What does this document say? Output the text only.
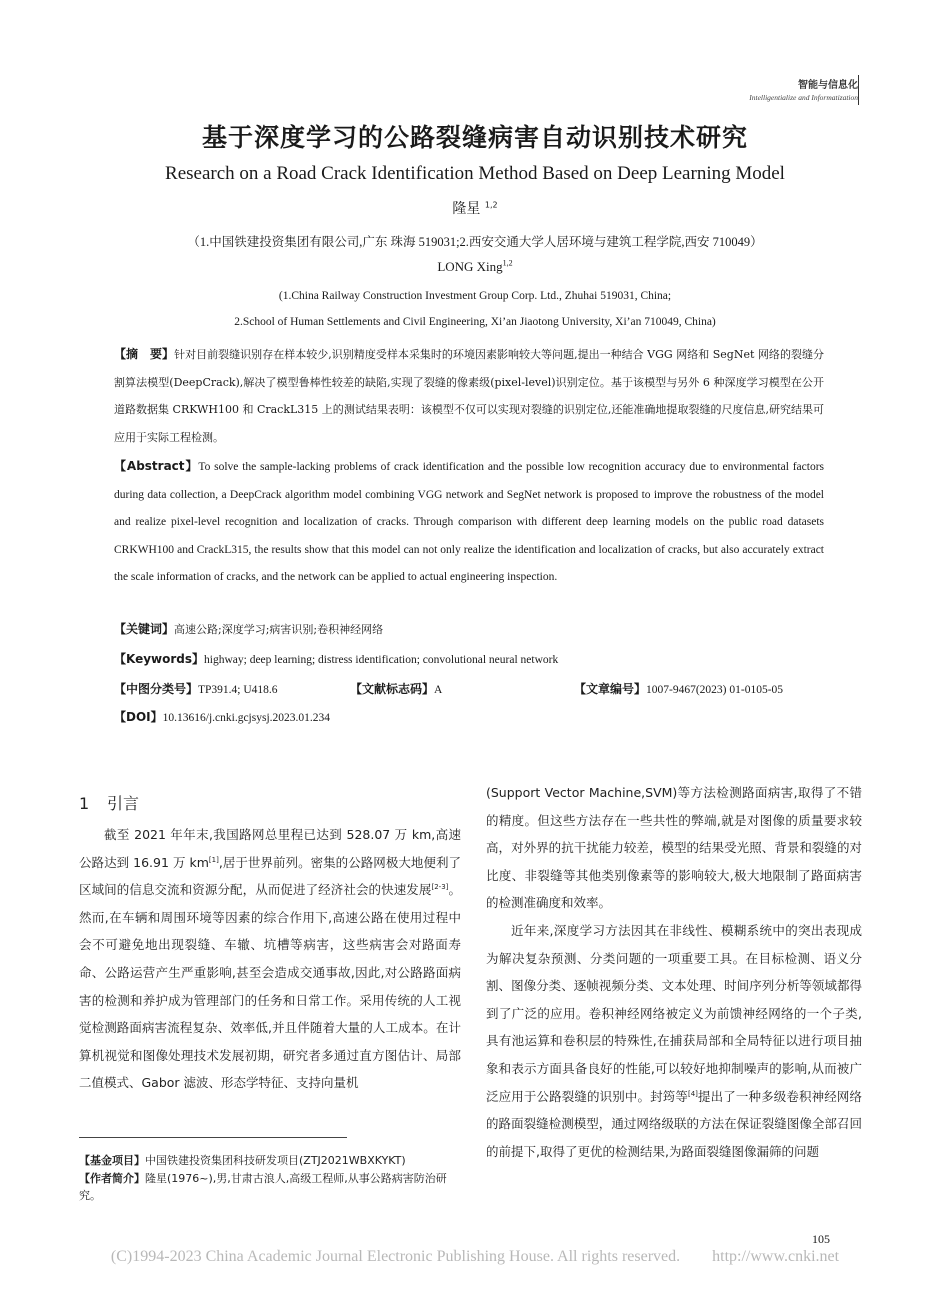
智能与信息化
Intelligentialize and Informatization
基于深度学习的公路裂缝病害自动识别技术研究
Research on a Road Crack Identification Method Based on Deep Learning Model
隆星 $^{1,2}$
（1.中国铁建投资集团有限公司,广东 珠海 519031;2.西安交通大学人居环境与建筑工程学院,西安 710049）
LONG Xing$^{1,2}$
(1.China Railway Construction Investment Group Corp. Ltd., Zhuhai 519031, China;
2.School of Human Settlements and Civil Engineering, Xi’an Jiaotong University, Xi’an 710049, China)
【摘　要】针对目前裂缝识别存在样本较少,识别精度受样本采集时的环境因素影响较大等问题,提出一种结合 VGG 网络和 SegNet 网络的裂缝分割算法模型(DeepCrack),解决了模型鲁棒性较差的缺陷,实现了裂缝的像素级(pixel-level)识别定位。基于该模型与另外 6 种深度学习模型在公开道路数据集 CRKWH100 和 CrackL315 上的测试结果表明：该模型不仅可以实现对裂缝的识别定位,还能准确地提取裂缝的尺度信息,研究结果可应用于实际工程检测。
【Abstract】To solve the sample-lacking problems of crack identification and the possible low recognition accuracy due to environmental factors during data collection, a DeepCrack algorithm model combining VGG network and SegNet network is proposed to improve the robustness of the model and realize pixel-level recognition and localization of cracks. Through comparison with different deep learning models on the public road datasets CRKWH100 and CrackL315, the results show that this model can not only realize the identification and localization of cracks, but also accurately extract the scale information of cracks, and the network can be applied to actual engineering inspection.
【关键词】高速公路;深度学习;病害识别;卷积神经网络
【Keywords】highway; deep learning; distress identification; convolutional neural network
【中图分类号】TP391.4; U418.6	【文献标志码】A	【文章编号】1007-9467(2023) 01-0105-05
【DOI】10.13616/j.cnki.gcjsysj.2023.01.234
1 引言

截至 2021 年年末,我国路网总里程已达到 528.07 万 km,高速公路达到 16.91 万 km[1],居于世界前列。密集的公路网极大地便利了区域间的信息交流和资源分配，从而促进了经济社会的快速发展[2-3]。然而,在车辆和周围环境等因素的综合作用下,高速公路在使用过程中会不可避免地出现裂缝、车辙、坑槽等病害，这些病害会对路面寿命、公路运营产生严重影响,甚至会造成交通事故,因此,对公路路面病害的检测和养护成为管理部门的任务和日常工作。采用传统的人工视觉检测路面病害流程复杂、效率低,并且伴随着大量的人工成本。在计算机视觉和图像处理技术发展初期，研究者多通过直方图估计、局部二值模式、Gabor 滤波、形态学特征、支持向量机

(Support Vector Machine,SVM)等方法检测路面病害,取得了不错的精度。但这些方法存在一些共性的弊端,就是对图像的质量要求较高，对外界的抗干扰能力较差，模型的结果受光照、背景和裂缝的对比度、非裂缝等其他类别像素等的影响较大,极大地限制了路面病害的检测准确度和效率。

近年来,深度学习方法因其在非线性、模糊系统中的突出表现成为解决复杂预测、分类问题的一项重要工具。在目标检测、语义分割、图像分类、逐帧视频分类、文本处理、时间序列分析等领域都得到了广泛的应用。卷积神经网络被定义为前馈神经网络的一个子类,具有池运算和卷积层的特殊性,在捕获局部和全局特征以进行项目抽象和表示方面具备良好的性能,可以较好地抑制噪声的影响,从而被广泛应用于公路裂缝的识别中。封筠等[4]提出了一种多级卷积神经网络的路面裂缝检测模型，通过网络级联的方法在保证裂缝图像全部召回的前提下,取得了更优的检测结果,为路面裂缝图像漏筛的问题

【基金项目】中国铁建投资集团科技研发项目(ZTJ2021WBXKYKT)
【作者简介】隆星(1976~),男,甘肃古浪人,高级工程师,从事公路病害防治研究。
105
(C)1994-2023 China Academic Journal Electronic Publishing House. All rights reserved.　　http://www.cnki.net
